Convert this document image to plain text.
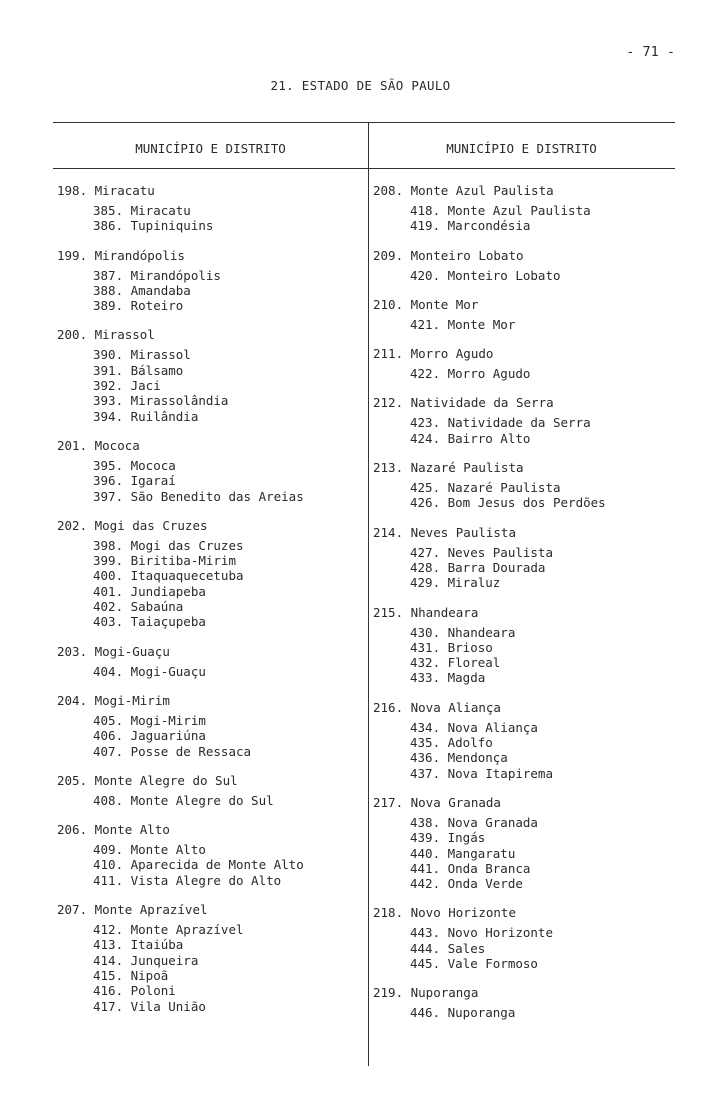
- 71 -
21. ESTADO DE SÃO PAULO
MUNICÍPIO E DISTRITO	MUNICÍPIO E DISTRITO
198. Miracatu
385. Miracatu
386. Tupiniquins
199. Mirandópolis
387. Mirandópolis
388. Amandaba
389. Roteiro
200. Mirassol
390. Mirassol
391. Bálsamo
392. Jaci
393. Mirassolândia
394. Ruilândia
201. Mococa
395. Mococa
396. Igaraí
397. São Benedito das Areias
202. Mogi das Cruzes
398. Mogi das Cruzes
399. Biritiba-Mirim
400. Itaquaquecetuba
401. Jundiapeba
402. Sabaúna
403. Taiaçupeba
203. Mogi-Guaçu
404. Mogi-Guaçu
204. Mogi-Mirim
405. Mogi-Mirim
406. Jaguariúna
407. Posse de Ressaca
205. Monte Alegre do Sul
408. Monte Alegre do Sul
206. Monte Alto
409. Monte Alto
410. Aparecida de Monte Alto
411. Vista Alegre do Alto
207. Monte Aprazível
412. Monte Aprazível
413. Itaiúba
414. Junqueira
415. Nipoã
416. Poloni
417. Vila União
208. Monte Azul Paulista
418. Monte Azul Paulista
419. Marcondésia
209. Monteiro Lobato
420. Monteiro Lobato
210. Monte Mor
421. Monte Mor
211. Morro Agudo
422. Morro Agudo
212. Natividade da Serra
423. Natividade da Serra
424. Bairro Alto
213. Nazaré Paulista
425. Nazaré Paulista
426. Bom Jesus dos Perdões
214. Neves Paulista
427. Neves Paulista
428. Barra Dourada
429. Miraluz
215. Nhandeara
430. Nhandeara
431. Brioso
432. Floreal
433. Magda
216. Nova Aliança
434. Nova Aliança
435. Adolfo
436. Mendonça
437. Nova Itapirema
217. Nova Granada
438. Nova Granada
439. Ingás
440. Mangaratu
441. Onda Branca
442. Onda Verde
218. Novo Horizonte
443. Novo Horizonte
444. Sales
445. Vale Formoso
219. Nuporanga
446. Nuporanga
